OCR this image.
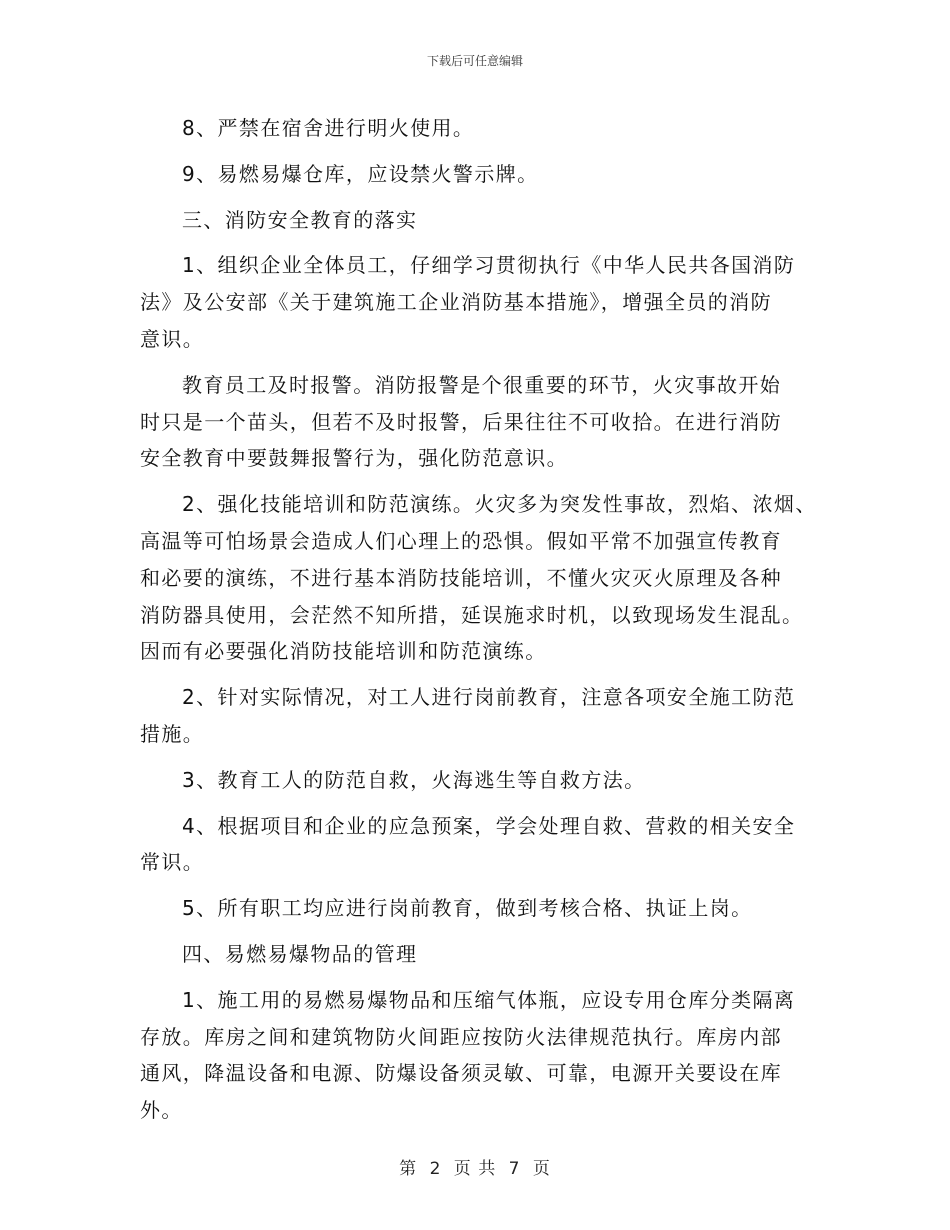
下载后可任意编辑
8、严禁在宿舍进行明火使用。
9、易燃易爆仓库，应设禁火警示牌。
三、消防安全教育的落实
1、组织企业全体员工，仔细学习贯彻执行《中华人民共各国消防
法》及公安部《关于建筑施工企业消防基本措施》，增强全员的消防
意识。
教育员工及时报警。消防报警是个很重要的环节，火灾事故开始
时只是一个苗头，但若不及时报警，后果往往不可收拾。在进行消防
安全教育中要鼓舞报警行为，强化防范意识。
2、强化技能培训和防范演练。火灾多为突发性事故，烈焰、浓烟、
高温等可怕场景会造成人们心理上的恐惧。假如平常不加强宣传教育
和必要的演练，不进行基本消防技能培训，不懂火灾灭火原理及各种
消防器具使用，会茫然不知所措，延误施求时机，以致现场发生混乱。
因而有必要强化消防技能培训和防范演练。
2、针对实际情况，对工人进行岗前教育，注意各项安全施工防范
措施。
3、教育工人的防范自救，火海逃生等自救方法。
4、根据项目和企业的应急预案，学会处理自救、营救的相关安全
常识。
5、所有职工均应进行岗前教育，做到考核合格、执证上岗。
四、易燃易爆物品的管理
1、施工用的易燃易爆物品和压缩气体瓶，应设专用仓库分类隔离
存放。库房之间和建筑物防火间距应按防火法律规范执行。库房内部
通风，降温设备和电源、防爆设备须灵敏、可靠，电源开关要设在库
外。
第 2 页 共 7 页
